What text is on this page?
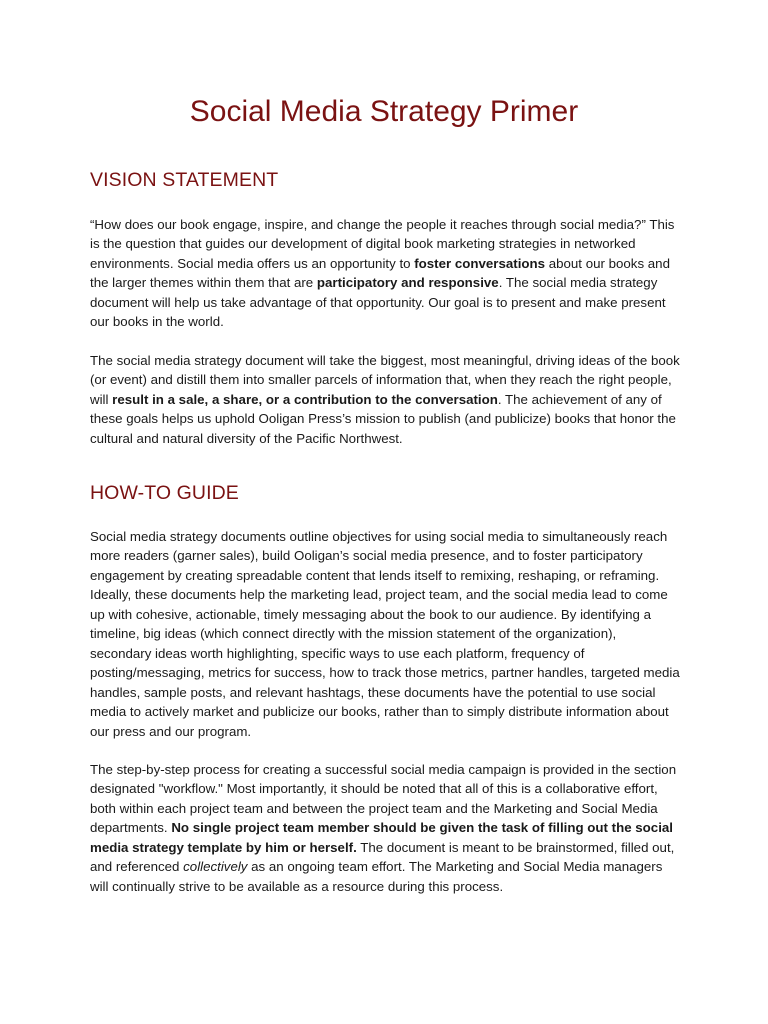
Social Media Strategy Primer
VISION STATEMENT

“How does our book engage, inspire, and change the people it reaches through social media?” This is the question that guides our development of digital book marketing strategies in networked environments. Social media offers us an opportunity to foster conversations about our books and the larger themes within them that are participatory and responsive. The social media strategy document will help us take advantage of that opportunity. Our goal is to present and make present our books in the world.

The social media strategy document will take the biggest, most meaningful, driving ideas of the book (or event) and distill them into smaller parcels of information that, when they reach the right people, will result in a sale, a share, or a contribution to the conversation. The achievement of any of these goals helps us uphold Ooligan Press’s mission to publish (and publicize) books that honor the cultural and natural diversity of the Pacific Northwest.

HOW-TO GUIDE

Social media strategy documents outline objectives for using social media to simultaneously reach more readers (garner sales), build Ooligan’s social media presence, and to foster participatory engagement by creating spreadable content that lends itself to remixing, reshaping, or reframing. Ideally, these documents help the marketing lead, project team, and the social media lead to come up with cohesive, actionable, timely messaging about the book to our audience. By identifying a timeline, big ideas (which connect directly with the mission statement of the organization), secondary ideas worth highlighting, specific ways to use each platform, frequency of posting/messaging, metrics for success, how to track those metrics, partner handles, targeted media handles, sample posts, and relevant hashtags, these documents have the potential to use social media to actively market and publicize our books, rather than to simply distribute information about our press and our program.

The step-by-step process for creating a successful social media campaign is provided in the section designated "workflow." Most importantly, it should be noted that all of this is a collaborative effort, both within each project team and between the project team and the Marketing and Social Media departments. No single project team member should be given the task of filling out the social media strategy template by him or herself. The document is meant to be brainstormed, filled out, and referenced collectively as an ongoing team effort. The Marketing and Social Media managers will continually strive to be available as a resource during this process.
